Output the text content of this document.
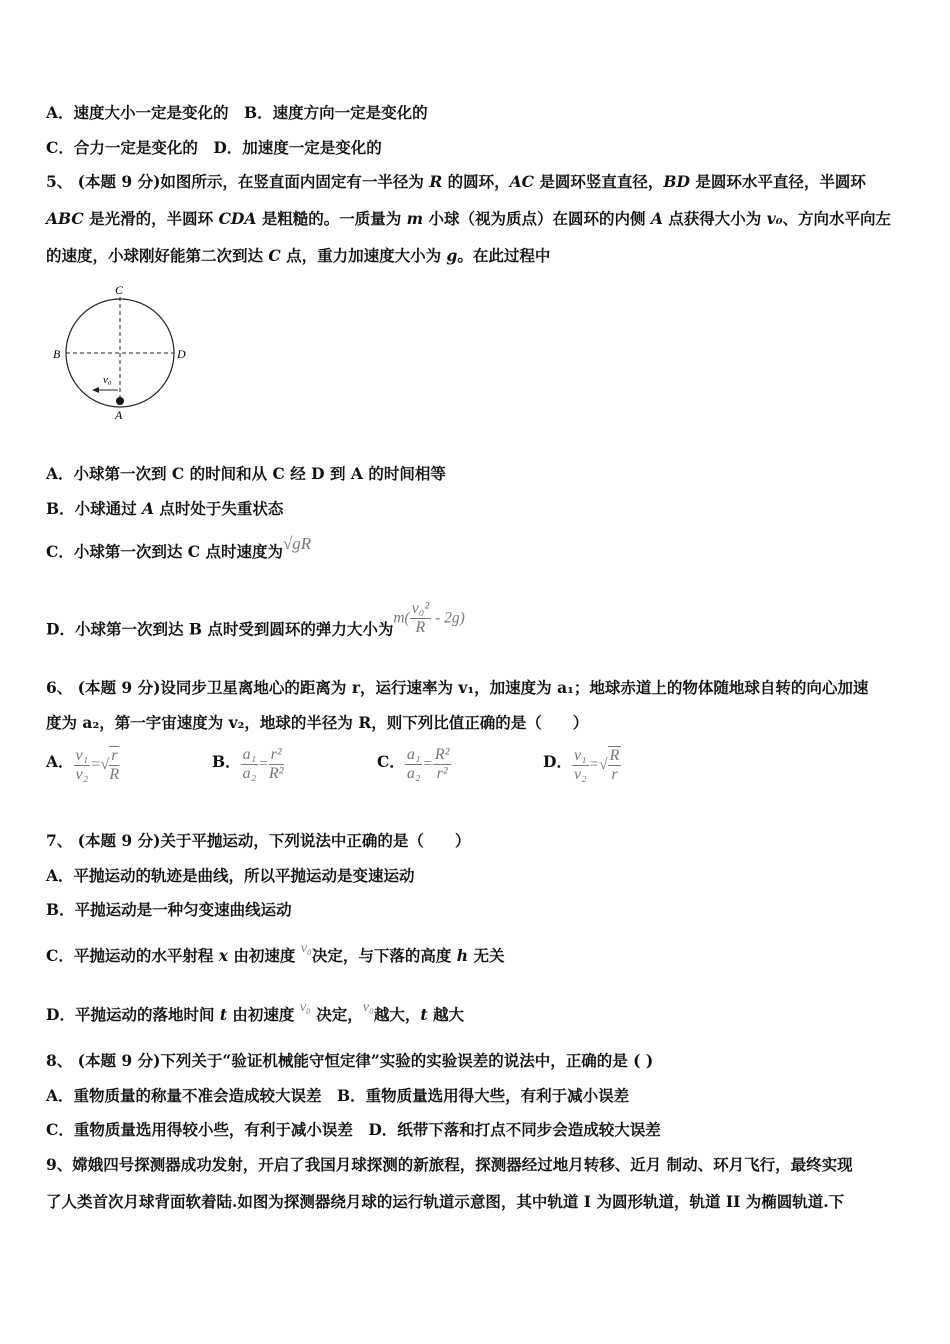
A．速度大小一定是变化的　B．速度方向一定是变化的
C．合力一定是变化的　D．加速度一定是变化的
5、 (本题 9 分)如图所示，在竖直面内固定有一半径为 R 的圆环，AC 是圆环竖直直径，BD 是圆环水平直径，半圆环
ABC 是光滑的，半圆环 CDA 是粗糙的。一质量为 m 小球（视为质点）在圆环的内侧 A 点获得大小为 v₀、方向水平向左
的速度，小球刚好能第二次到达 C 点，重力加速度大小为 g。在此过程中
C
B	D
A
v₀
A．小球第一次到 C 的时间和从 C 经 D 到 A 的时间相等
B．小球通过 A 点时处于失重状态
C．小球第一次到达 C 点时速度为√gR
D．小球第一次到达 B 点时受到圆环的弹力大小为$m( \frac{\text{v₀²}}{R} - 2g)$
6、 (本题 9 分)设同步卫星离地心的距离为 r，运行速率为 v₁，加速度为 a₁；地球赤道上的物体随地球自转的向心加速
度为 a₂，第一宇宙速度为 v₂，地球的半径为 R，则下列比值正确的是（　　）
A． $\frac{\text{v₁}}{\text{v₂}}$ =√ $\frac{r}{R}$	B． $\frac{\text{a₁}}{\text{a₂}} = \frac{\text{r²}}{\text{R²}}$	C． $\frac{\text{a₁}}{\text{a₂}} = \frac{\text{R²}}{\text{r²}}$	D． $\frac{\text{v₁}}{\text{v₂}}$ =√ $\frac{R}{r}$
7、 (本题 9 分)关于平抛运动，下列说法中正确的是（　　）
A．平抛运动的轨迹是曲线，所以平抛运动是变速运动
B．平抛运动是一种匀变速曲线运动
C．平抛运动的水平射程 x 由初速度 v₀决定，与下落的高度 h 无关
D．平抛运动的落地时间 t 由初速度 v₀ 决定，v₀越大，t 越大
8、 (本题 9 分)下列关于“验证机械能守恒定律”实验的实验误差的说法中，正确的是 ( )
A．重物质量的称量不准会造成较大误差　B．重物质量选用得大些，有利于减小误差
C．重物质量选用得较小些，有利于减小误差　D．纸带下落和打点不同步会造成较大误差
9、嫦娥四号探测器成功发射，开启了我国月球探测的新旅程，探测器经过地月转移、近月 制动、环月飞行，最终实现
了人类首次月球背面软着陆.如图为探测器绕月球的运行轨道示意图，其中轨道 I 为圆形轨道，轨道 II 为椭圆轨道.下
